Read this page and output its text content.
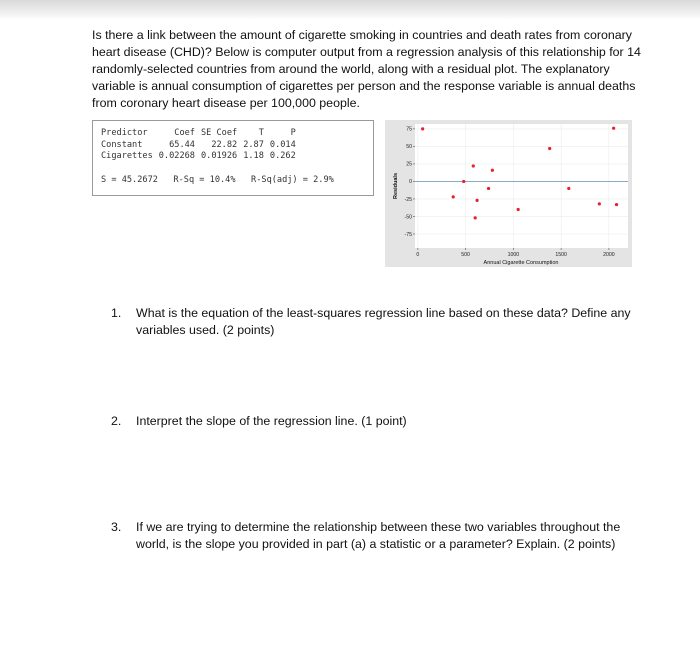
Is there a link between the amount of cigarette smoking in countries and death rates from coronary heart disease (CHD)? Below is computer output from a regression analysis of this relationship for 14 randomly-selected countries from around the world, along with a residual plot. The explanatory variable is annual consumption of cigarettes per person and the response variable is annual deaths from coronary heart disease per 100,000 people.

Predictor	Coef	SE Coef	T	P
Constant	65.44	22.82	2.87	0.014
Cigarettes	0.02268	0.01926	1.18	0.262
S = 45.2672   R-Sq = 10.4%   R-Sq(adj) = 2.9%
75
50
25
0
-25
-50
-75
0	500	1000	1500	2000
Residuals
Annual Cigarette Consumption
1. What is the equation of the least-squares regression line based on these data? Define any variables used. (2 points)
2. Interpret the slope of the regression line. (1 point)
3. If we are trying to determine the relationship between these two variables throughout the world, is the slope you provided in part (a) a statistic or a parameter? Explain. (2 points)
